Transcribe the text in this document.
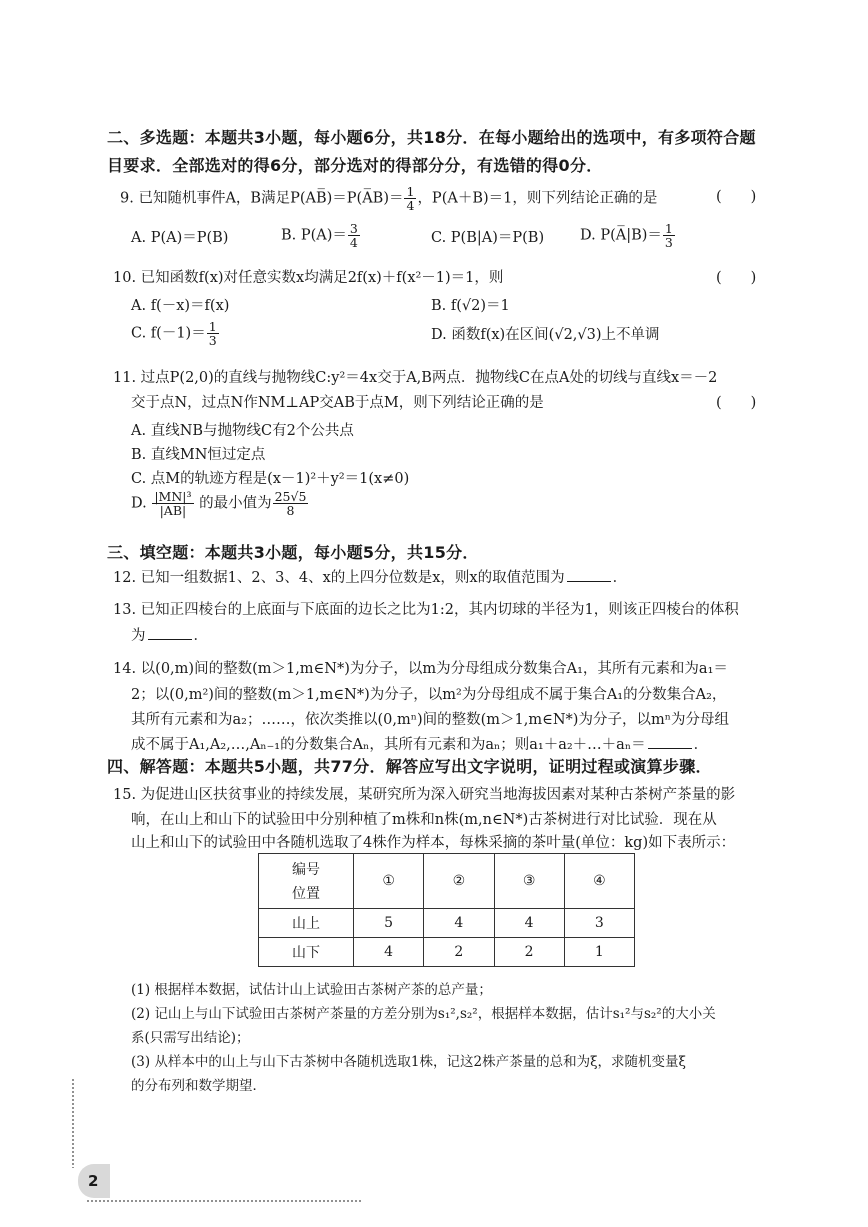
二、多选题：本题共3小题，每小题6分，共18分．在每小题给出的选项中，有多项符合题
目要求．全部选对的得6分，部分选对的得部分分，有选错的得0分．
9. 已知随机事件A，B满足P(AB̅)＝P(A̅B)＝ $\frac{1}{4}$ ，P(A＋B)＝1，则下列结论正确的是	(　　)
A. P(A)＝P(B)	B. $P(A)= \frac{3}{4}$	C. P(B|A)＝P(B) D. P(A̅|B)＝ $\frac{1}{3}$
10. 已知函数f(x)对任意实数x均满足2f(x)＋f(x²－1)＝1，则	(　　)
A. f(－x)＝f(x)	B. f(√2)＝1
C. $f(-1)= \frac{1}{3}$	D. 函数f(x)在区间(√2,√3)上不单调
11. 过点P(2,0)的直线与抛物线C:y²＝4x交于A,B两点．抛物线C在点A处的切线与直线x＝－2
交于点N，过点N作NM⊥AP交AB于点M，则下列结论正确的是	(　　)
A. 直线NB与抛物线C有2个公共点
B. 直线MN恒过定点
C. 点M的轨迹方程是(x－1)²＋y²＝1(x≠0)
D. $\frac{\text{|MN|³}}{|AB|}$ 的最小值为 $\frac{25√5}{8}$
三、填空题：本题共3小题，每小题5分，共15分．
12. 已知一组数据1、2、3、4、x的上四分位数是x，则x的取值范围为	．
13. 已知正四棱台的上底面与下底面的边长之比为1:2，其内切球的半径为1，则该正四棱台的体积
为	．
14. 以(0,m)间的整数(m＞1,m∈N*)为分子，以m为分母组成分数集合A₁，其所有元素和为a₁＝
2；以(0,m²)间的整数(m＞1,m∈N*)为分子，以m²为分母组成不属于集合A₁的分数集合A₂，
其所有元素和为a₂；……，依次类推以(0,mⁿ)间的整数(m＞1,m∈N*)为分子，以mⁿ为分母组
成不属于A₁,A₂,…,Aₙ₋₁的分数集合Aₙ，其所有元素和为aₙ；则a₁＋a₂＋…＋aₙ＝	．
四、解答题：本题共5小题，共77分．解答应写出文字说明，证明过程或演算步骤．
15. 为促进山区扶贫事业的持续发展，某研究所为深入研究当地海拔因素对某种古茶树产茶量的影
响，在山上和山下的试验田中分别种植了m株和n株(m,n∈N*)古茶树进行对比试验．现在从
山上和山下的试验田中各随机选取了4株作为样本，每株采摘的茶叶量(单位：kg)如下表所示：
编号
位置	①	②	③	④
山上	5	4	4	3
山下	4	2	2	1
(1) 根据样本数据，试估计山上试验田古茶树产茶的总产量；
(2) 记山上与山下试验田古茶树产茶量的方差分别为s₁²,s₂²，根据样本数据，估计s₁²与s₂²的大小关
系(只需写出结论)；
(3) 从样本中的山上与山下古茶树中各随机选取1株，记这2株产茶量的总和为ξ，求随机变量ξ
的分布列和数学期望．
2
